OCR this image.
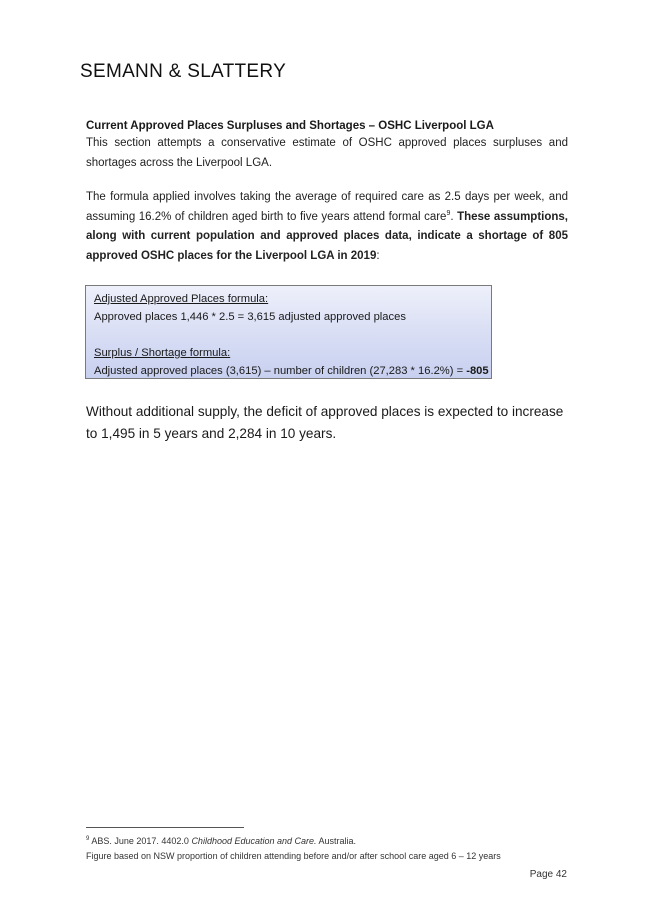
SEMANN & SLATTERY
Current Approved Places Surpluses and Shortages – OSHC Liverpool LGA
This section attempts a conservative estimate of OSHC approved places surpluses and shortages across the Liverpool LGA.
The formula applied involves taking the average of required care as 2.5 days per week, and assuming 16.2% of children aged birth to five years attend formal care$^9$. These assumptions, along with current population and approved places data, indicate a shortage of 805 approved OSHC places for the Liverpool LGA in 2019:
Adjusted Approved Places formula:
Approved places 1,446 * 2.5 = 3,615 adjusted approved places
Surplus / Shortage formula:
Adjusted approved places (3,615) – number of children (27,283 * 16.2%) = -805
Without additional supply, the deficit of approved places is expected to increase to 1,495 in 5 years and 2,284 in 10 years.
$^9$ ABS. June 2017. 4402.0 Childhood Education and Care. Australia.
Figure based on NSW proportion of children attending before and/or after school care aged 6 – 12 years
Page 42
